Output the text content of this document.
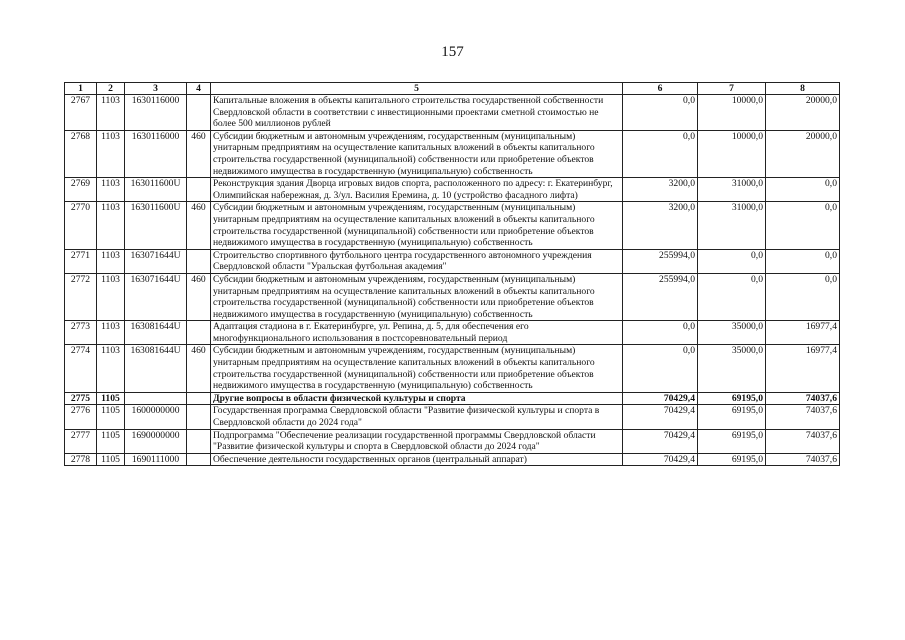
157
1	2	3	4	5	6	7	8
2767	1103	1630116000		Капитальные вложения в объекты капитального строительства государственной собственности Свердловской области в соответствии с инвестиционными проектами сметной стоимостью не более 500 миллионов рублей	0,0	10000,0	20000,0
2768	1103	1630116000	460	Субсидии бюджетным и автономным учреждениям, государственным (муниципальным) унитарным предприятиям на осуществление капитальных вложений в объекты капитального строительства государственной (муниципальной) собственности или приобретение объектов недвижимого имущества в государственную (муниципальную) собственность	0,0	10000,0	20000,0
2769	1103	163011600U		Реконструкция здания Дворца игровых видов спорта, расположенного по адресу: г. Екатеринбург, Олимпийская набережная, д. 3/ул. Василия Еремина, д. 10 (устройство фасадного лифта)	3200,0	31000,0	0,0
2770	1103	163011600U	460	Субсидии бюджетным и автономным учреждениям, государственным (муниципальным) унитарным предприятиям на осуществление капитальных вложений в объекты капитального строительства государственной (муниципальной) собственности или приобретение объектов недвижимого имущества в государственную (муниципальную) собственность	3200,0	31000,0	0,0
2771	1103	163071644U		Строительство спортивного футбольного центра государственного автономного учреждения Свердловской области "Уральская футбольная академия"	255994,0	0,0	0,0
2772	1103	163071644U	460	Субсидии бюджетным и автономным учреждениям, государственным (муниципальным) унитарным предприятиям на осуществление капитальных вложений в объекты капитального строительства государственной (муниципальной) собственности или приобретение объектов недвижимого имущества в государственную (муниципальную) собственность	255994,0	0,0	0,0
2773	1103	163081644U		Адаптация стадиона в г. Екатеринбурге, ул. Репина, д. 5, для обеспечения его многофункционального использования в постсоревновательный период	0,0	35000,0	16977,4
2774	1103	163081644U	460	Субсидии бюджетным и автономным учреждениям, государственным (муниципальным) унитарным предприятиям на осуществление капитальных вложений в объекты капитального строительства государственной (муниципальной) собственности или приобретение объектов недвижимого имущества в государственную (муниципальную) собственность	0,0	35000,0	16977,4
2775	1105			Другие вопросы в области физической культуры и спорта	70429,4	69195,0	74037,6
2776	1105	1600000000		Государственная программа Свердловской области "Развитие физической культуры и спорта в Свердловской области до 2024 года"	70429,4	69195,0	74037,6
2777	1105	1690000000		Подпрограмма "Обеспечение реализации государственной программы Свердловской области "Развитие физической культуры и спорта в Свердловской области до 2024 года"	70429,4	69195,0	74037,6
2778	1105	1690111000		Обеспечение деятельности государственных органов (центральный аппарат)	70429,4	69195,0	74037,6
